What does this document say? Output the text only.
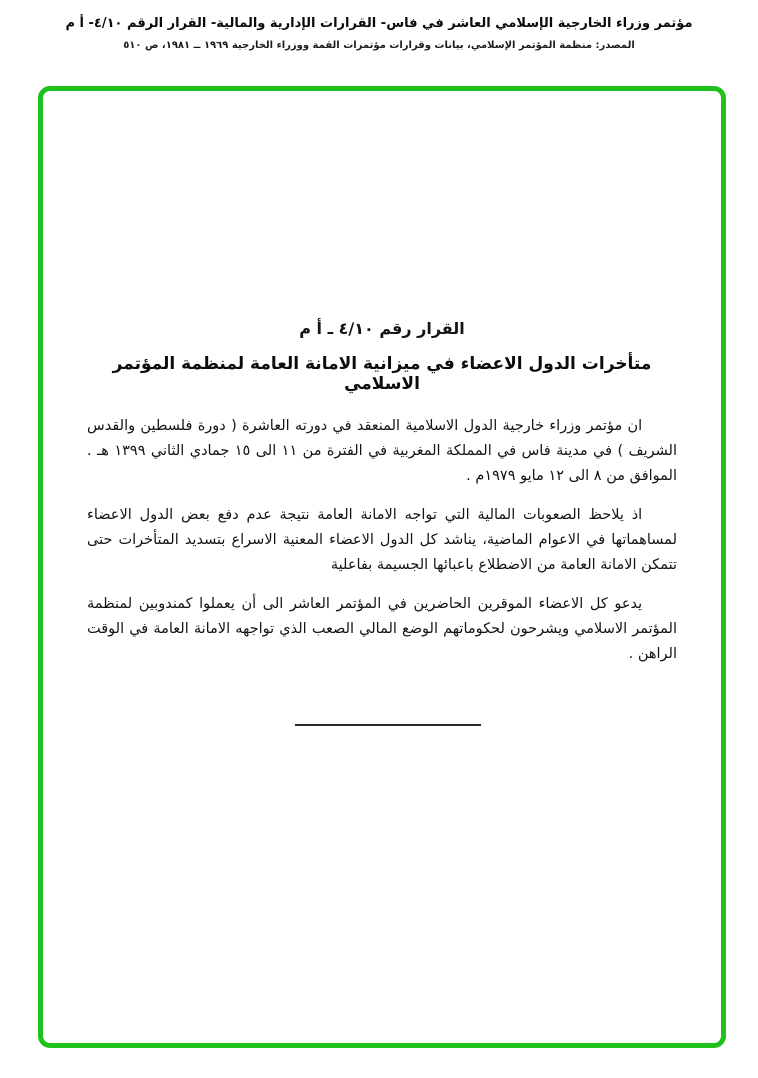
مؤتمر وزراء الخارجية الإسلامي العاشر في فاس- القرارات الإدارية والمالية- القرار الرقم ٤/١٠- أ م
المصدر: منظمة المؤتمر الإسلامي، بيانات وقرارات مؤتمرات القمة ووزراء الخارجية ١٩٦٩ ــ ١٩٨١، ص ٥١٠
القرار رقم ٤/١٠ ـ أ م
متأخرات الدول الاعضاء في ميزانية الامانة العامة لمنظمة المؤتمر الاسلامي

ان مؤتمر وزراء خارجية الدول الاسلامية المنعقد في دورته العاشرة ( دورة فلسطين والقدس الشريف ) في مدينة فاس في المملكة المغربية في الفترة من ١١ الى ١٥ جمادي الثاني ١٣٩٩ هـ . الموافق من ٨ الى ١٢ مايو ١٩٧٩م .

اذ يلاحظ الصعوبات المالية التي تواجه الامانة العامة نتيجة عدم دفع بعض الدول الاعضاء لمساهماتها في الاعوام الماضية، يناشد كل الدول الاعضاء المعنية الاسراع بتسديد المتأخرات حتى تتمكن الامانة العامة من الاضطلاع باعبائها الجسيمة بفاعلية

يدعو كل الاعضاء الموقرين الحاضرين في المؤتمر العاشر الى أن يعملوا كمندوبين لمنظمة المؤتمر الاسلامي ويشرحون لحكوماتهم الوضع المالي الصعب الذي تواجهه الامانة العامة في الوقت الراهن .
